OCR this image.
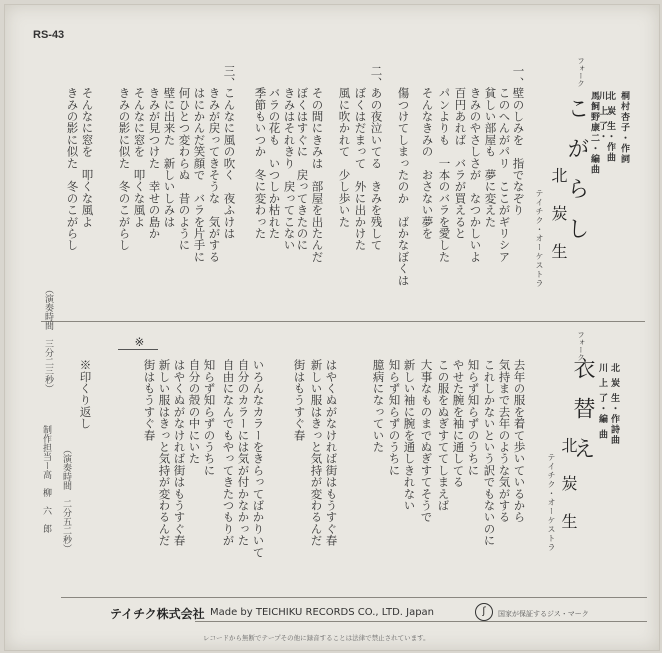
RS-43
フォーク
こがらし	桐村杏子・作詞
北 炭 生・作曲
川 上 了・
馬飼野康二・編曲
北炭生
テイチク・オーケストラ
一、
壁のしみを　指でなぞり
このへんがパリ　ここがギリシア
貧しい部屋も　夢に変えた
きみのやさしさが　なつかしいよ
百円あれば　バラが買えると
パンよりも　一本のバラを愛した
そんなきみの　おさない夢を
傷つけてしまったのか　ばかなぼくは
二、
あの夜泣いてる　きみを残して
ぼくはだまって　外に出かけた
風に吹かれて　少し歩いた
その間にきみは　部屋を出たんだ
ぼくはすぐに　戻ってきたのに
きみはそれきり　戻ってこない
バラの花も　いつしか枯れた
季節もいつか　冬に変わった
三、
こんなに風の吹く　夜ふけは
きみが戻ってきそうな　気がする
はにかんだ笑顔で　バラを片手に
何ひとつ変わらぬ　昔のように
壁に出来た　新しいしみは
きみが見つけた　幸せの島か
そんなに窓を　叩くな風よ
きみの影に似た　冬のこがらし
そんなに窓を　叩くな風よ
きみの影に似た　冬のこがらし
（演奏時間　三分二三秒）	フォーク
衣替え 北 炭 生・作詩曲
川 上 了・編 曲
北炭生
テイチク・オーケストラ
去年の服を着て歩いているから
気持まで去年のような気がする
これしかないという訳でもないのに
知らず知らずのうちに
やせた腕を袖に通してる
この服をぬぎすててしまえば
大事なものまでぬぎすてそうで
新しい袖に腕を通しきれない
知らず知らずのうちに
臆病になっていた
はやくぬがなければ街はもうすぐ春
新しい服はきっと気持が変わるんだ
街はもうすぐ春
いろんなカラーをきらってばかりいて
自分のカラーには気が付かなかった
自由になんでもやってきたつもりが
知らず知らずのうちに
自分の殻の中にいた
はやくぬがなければ街はもうすぐ春
新しい服はきっと気持が変わるんだ
街はもうすぐ春
※
※印くり返し
（演奏時間　二分五二秒）
制作担当ー高　柳　六　郎
テイチク株式会社 Made by TEICHIKU RECORDS CO., LTD. Japan	ʃ	国家が保証するジス・マーク
レコードから無断でテープその他に録音することは法律で禁止されています。
